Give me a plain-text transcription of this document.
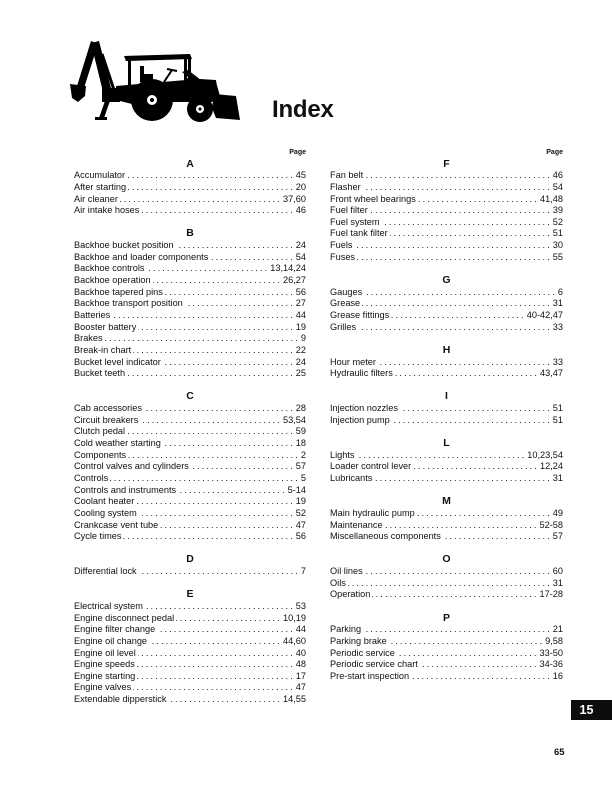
Index
Page
A
Accumulator .....	45
After starting .....	20
Air cleaner .....	37,60
Air intake hoses .....	46
B
Backhoe bucket position .....	24
Backhoe and loader components .....	54
Backhoe controls .....	13,14,24
Backhoe operation .....	26,27
Backhoe tapered pins .....	56
Backhoe transport position .....	27
Batteries .....	44
Booster battery .....	19
Brakes .....	9
Break-in chart .....	22
Bucket level indicator .....	24
Bucket teeth .....	25
C
Cab accessories .....	28
Circuit breakers .....	53,54
Clutch pedal .....	59
Cold weather starting .....	18
Components .....	2
Control valves and cylinders .....	57
Controls .....	5
Controls and instruments .....	5-14
Coolant heater .....	19
Cooling system .....	52
Crankcase vent tube .....	47
Cycle times .....	56
D
Differential lock .....	7
E
Electrical system .....	53
Engine disconnect pedal .....	10,19
Engine filter change .....	44
Engine oil change .....	44,60
Engine oil level .....	40
Engine speeds .....	48
Engine starting .....	17
Engine valves .....	47
Extendable dipperstick .....	14,55
Page
F
Fan belt .....	46
Flasher .....	54
Front wheel bearings .....	41,48
Fuel filter .....	39
Fuel system .....	52
Fuel tank filter .....	51
Fuels .....	30
Fuses .....	55
G
Gauges .....	6
Grease .....	31
Grease fittings .....	40-42,47
Grilles .....	33
H
Hour meter .....	33
Hydraulic filters .....	43,47
I
Injection nozzles .....	51
Injection pump .....	51
L
Lights .....	10,23,54
Loader control lever .....	12,24
Lubricants .....	31
M
Main hydraulic pump .....	49
Maintenance .....	52-58
Miscellaneous components .....	57
O
Oil lines .....	60
Oils .....	31
Operation .....	17-28
P
Parking .....	21
Parking brake .....	9,58
Periodic service .....	33-50
Periodic service chart .....	34-36
Pre-start inspection .....	16
15
65
